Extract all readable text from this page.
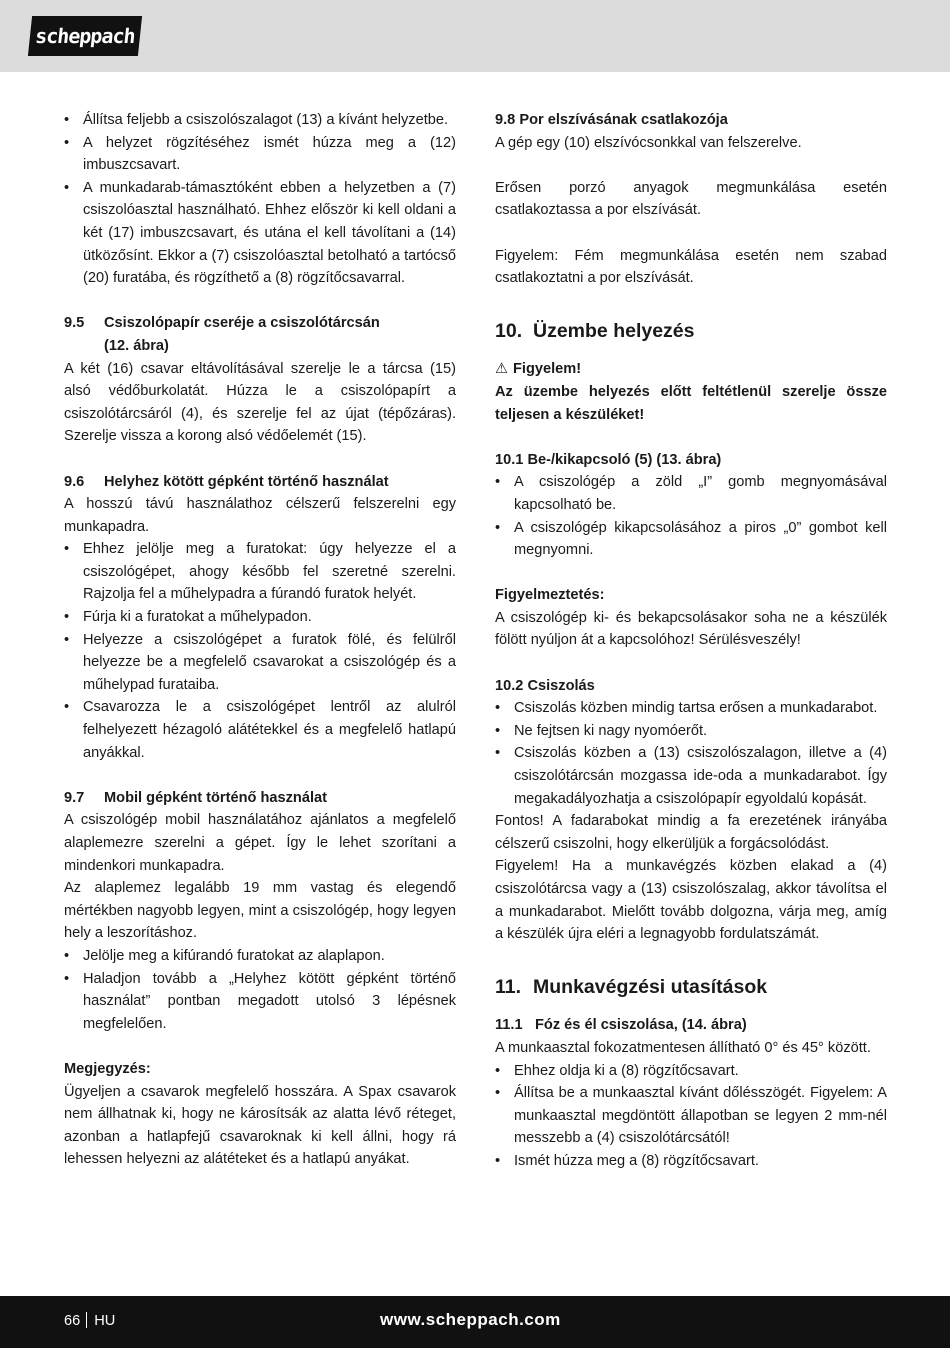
scheppach
• Állítsa feljebb a csiszolószalagot (13) a kívánt helyzetbe.
• A helyzet rögzítéséhez ismét húzza meg a (12) imbuszcsavart.
• A munkadarab-támasztóként ebben a helyzetben a (7) csiszolóasztal használható. Ehhez először ki kell oldani a két (17) imbuszcsavart, és utána el kell távolítani a (14) ütközősínt. Ekkor a (7) csiszolóasztal betolható a tartócső (20) furatába, és rögzíthető a (8) rögzítőcsavarral.
9.5 Csiszolópapír cseréje a csiszolótárcsán
(12. ábra)

A két (16) csavar eltávolításával szerelje le a tárcsa (15) alsó védőburkolatát. Húzza le a csiszolópapírt a csiszolótárcsáról (4), és szerelje fel az újat (tépőzáras). Szerelje vissza a korong alsó védőelemét (15).

9.6 Helyhez kötött gépként történő használat

A hosszú távú használathoz célszerű felszerelni egy munkapadra.

• Ehhez jelölje meg a furatokat: úgy helyezze el a csiszológépet, ahogy később fel szeretné szerelni. Rajzolja fel a műhelypadra a fúrandó furatok helyét.
• Fúrja ki a furatokat a műhelypadon.
• Helyezze a csiszológépet a furatok fölé, és felülről helyezze be a megfelelő csavarokat a csiszológép és a műhelypad furataiba.
• Csavarozza le a csiszológépet lentről az alulról felhelyezett hézagoló alátétekkel és a megfelelő hatlapú anyákkal.
9.7 Mobil gépként történő használat

A csiszológép mobil használatához ajánlatos a megfelelő alaplemezre szerelni a gépet. Így le lehet szorítani a mindenkori munkapadra.

Az alaplemez legalább 19 mm vastag és elegendő mértékben nagyobb legyen, mint a csiszológép, hogy legyen hely a leszorításhoz.

• Jelölje meg a kifúrandó furatokat az alaplapon.
• Haladjon tovább a „Helyhez kötött gépként történő használat” pontban megadott utolsó 3 lépésnek megfelelően.
Megjegyzés:

Ügyeljen a csavarok megfelelő hosszára. A Spax csavarok nem állhatnak ki, hogy ne károsítsák az alatta lévő réteget, azonban a hatlapfejű csavaroknak ki kell állni, hogy rá lehessen helyezni az alátéteket és a hatlapú anyákat.

9.8 Por elszívásának csatlakozója

A gép egy (10) elszívócsonkkal van felszerelve.

Erősen porzó anyagok megmunkálása esetén csatlakoztassa a por elszívását.

Figyelem: Fém megmunkálása esetén nem szabad csatlakoztatni a por elszívását.

10. Üzembe helyezés
⚠ Figyelem!

Az üzembe helyezés előtt feltétlenül szerelje össze teljesen a készüléket!

10.1 Be-/kikapcsoló (5) (13. ábra)
• A csiszológép a zöld „I” gomb megnyomásával kapcsolható be.
• A csiszológép kikapcsolásához a piros „0” gombot kell megnyomni.
Figyelmeztetés:

A csiszológép ki- és bekapcsolásakor soha ne a készülék fölött nyúljon át a kapcsolóhoz! Sérülésveszély!

10.2 Csiszolás
• Csiszolás közben mindig tartsa erősen a munkadarabot.
• Ne fejtsen ki nagy nyomóerőt.
• Csiszolás közben a (13) csiszolószalagon, illetve a (4) csiszolótárcsán mozgassa ide-oda a munkadarabot. Így megakadályozhatja a csiszolópapír egyoldalú kopását.

Fontos! A fadarabokat mindig a fa erezetének irányába célszerű csiszolni, hogy elkerüljük a forgácsolódást.

Figyelem! Ha a munkavégzés közben elakad a (4) csiszolótárcsa vagy a (13) csiszolószalag, akkor távolítsa el a munkadarabot. Mielőtt tovább dolgozna, várja meg, amíg a készülék újra eléri a legnagyobb fordulatszámát.

11. Munkavégzési utasítások
11.1 Fóz és él csiszolása, (14. ábra)

A munkaasztal fokozatmentesen állítható 0° és 45° között.

• Ehhez oldja ki a (8) rögzítőcsavart.
• Állítsa be a munkaasztal kívánt dőlésszögét. Figyelem: A munkaasztal megdöntött állapotban se legyen 2 mm-nél messzebb a (4) csiszolótárcsától!
• Ismét húzza meg a (8) rögzítőcsavart.
66 HU	www.scheppach.com
